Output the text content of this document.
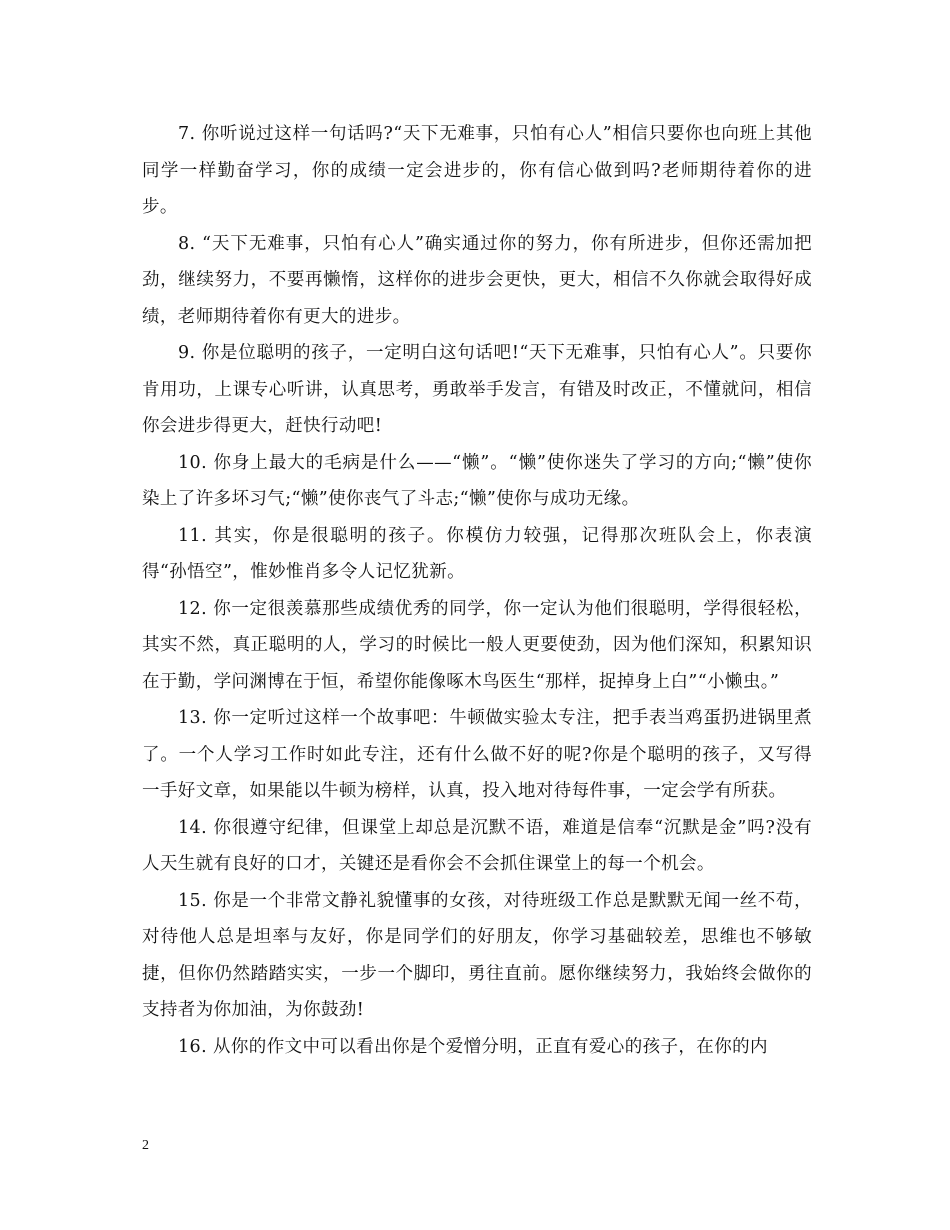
7. 你听说过这样一句话吗?“天下无难事，只怕有心人”相信只要你也向班上其他同学一样勤奋学习，你的成绩一定会进步的，你有信心做到吗?老师期待着你的进步。

8. “天下无难事，只怕有心人”确实通过你的努力，你有所进步，但你还需加把劲，继续努力，不要再懒惰，这样你的进步会更快，更大，相信不久你就会取得好成绩，老师期待着你有更大的进步。

9. 你是位聪明的孩子，一定明白这句话吧!“天下无难事，只怕有心人”。只要你肯用功，上课专心听讲，认真思考，勇敢举手发言，有错及时改正，不懂就问，相信你会进步得更大，赶快行动吧!

10. 你身上最大的毛病是什么——“懒”。“懒”使你迷失了学习的方向;“懒”使你染上了许多坏习气;“懒”使你丧气了斗志;“懒”使你与成功无缘。

11. 其实，你是很聪明的孩子。你模仿力较强，记得那次班队会上，你表演得“孙悟空”，惟妙惟肖多令人记忆犹新。

12. 你一定很羡慕那些成绩优秀的同学，你一定认为他们很聪明，学得很轻松，其实不然，真正聪明的人，学习的时候比一般人更要使劲，因为他们深知，积累知识在于勤，学问渊博在于恒，希望你能像啄木鸟医生“那样，捉掉身上白”“小懒虫。”

13. 你一定听过这样一个故事吧：牛顿做实验太专注，把手表当鸡蛋扔进锅里煮了。一个人学习工作时如此专注，还有什么做不好的呢?你是个聪明的孩子，又写得一手好文章，如果能以牛顿为榜样，认真，投入地对待每件事，一定会学有所获。

14. 你很遵守纪律，但课堂上却总是沉默不语，难道是信奉“沉默是金”吗?没有人天生就有良好的口才，关键还是看你会不会抓住课堂上的每一个机会。

15. 你是一个非常文静礼貌懂事的女孩，对待班级工作总是默默无闻一丝不苟，对待他人总是坦率与友好，你是同学们的好朋友，你学习基础较差，思维也不够敏捷，但你仍然踏踏实实，一步一个脚印，勇往直前。愿你继续努力，我始终会做你的支持者为你加油，为你鼓劲!

16. 从你的作文中可以看出你是个爱憎分明，正直有爱心的孩子，在你的内

2
